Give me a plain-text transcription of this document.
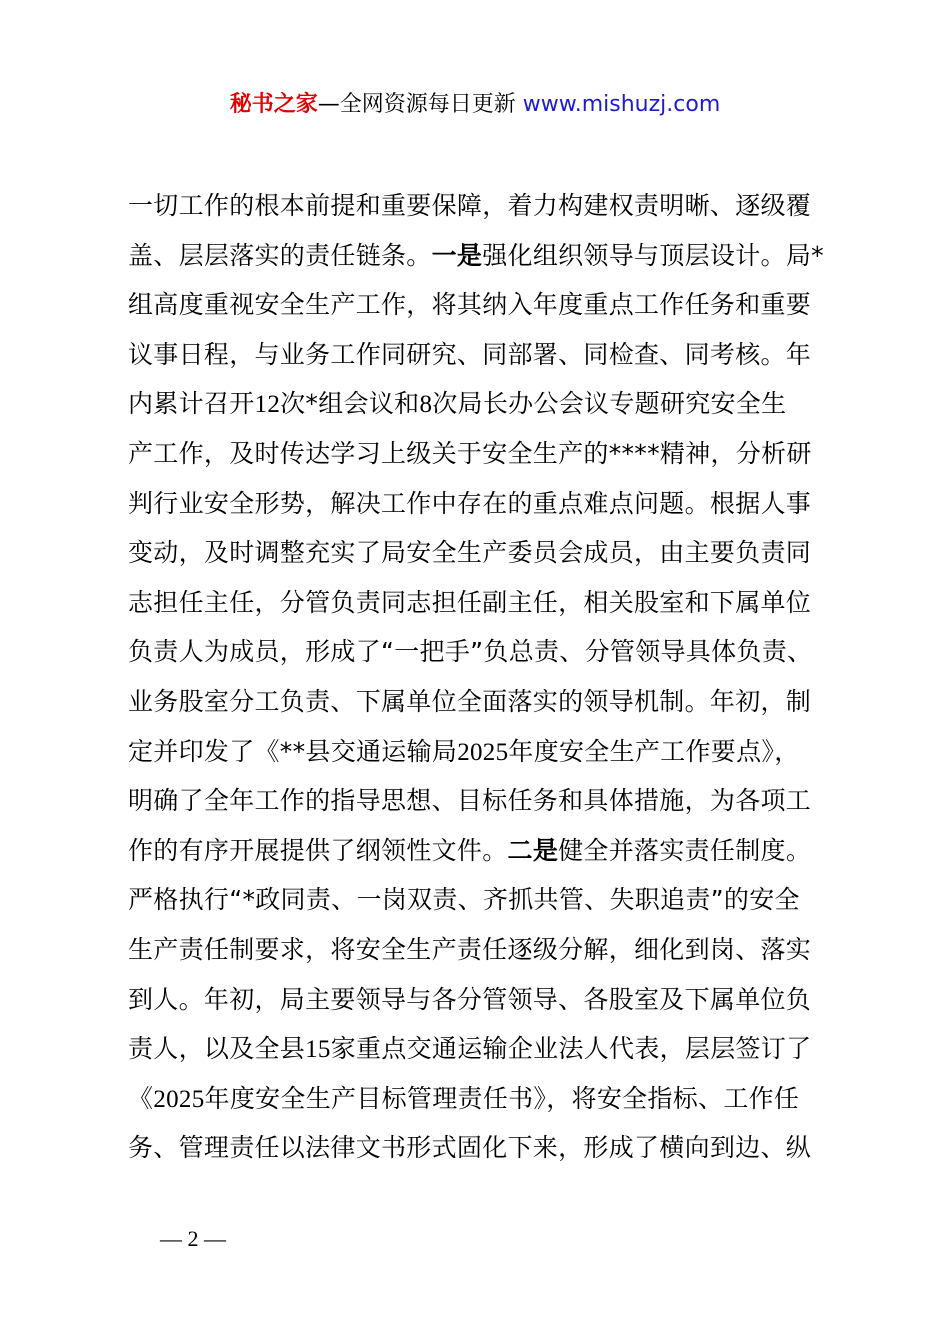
秘书之家—全网资源每日更新 www.mishuzj.com
一切工作的根本前提和重要保障，着力构建权责明晰、逐级覆
盖、层层落实的责任链条。一是强化组织领导与顶层设计。局*
组高度重视安全生产工作，将其纳入年度重点工作任务和重要
议事日程，与业务工作同研究、同部署、同检查、同考核。年
内累计召开12次*组会议和8次局长办公会议专题研究安全生
产工作，及时传达学习上级关于安全生产的****精神，分析研
判行业安全形势，解决工作中存在的重点难点问题。根据人事
变动，及时调整充实了局安全生产委员会成员，由主要负责同
志担任主任，分管负责同志担任副主任，相关股室和下属单位
负责人为成员，形成了“一把手”负总责、分管领导具体负责、
业务股室分工负责、下属单位全面落实的领导机制。年初，制
定并印发了《**县交通运输局2025年度安全生产工作要点》，
明确了全年工作的指导思想、目标任务和具体措施，为各项工
作的有序开展提供了纲领性文件。二是健全并落实责任制度。
严格执行“*政同责、一岗双责、齐抓共管、失职追责”的安全
生产责任制要求，将安全生产责任逐级分解，细化到岗、落实
到人。年初，局主要领导与各分管领导、各股室及下属单位负
责人，以及全县15家重点交通运输企业法人代表，层层签订了
《2025年度安全生产目标管理责任书》，将安全指标、工作任
务、管理责任以法律文书形式固化下来，形成了横向到边、纵
— 2 —
